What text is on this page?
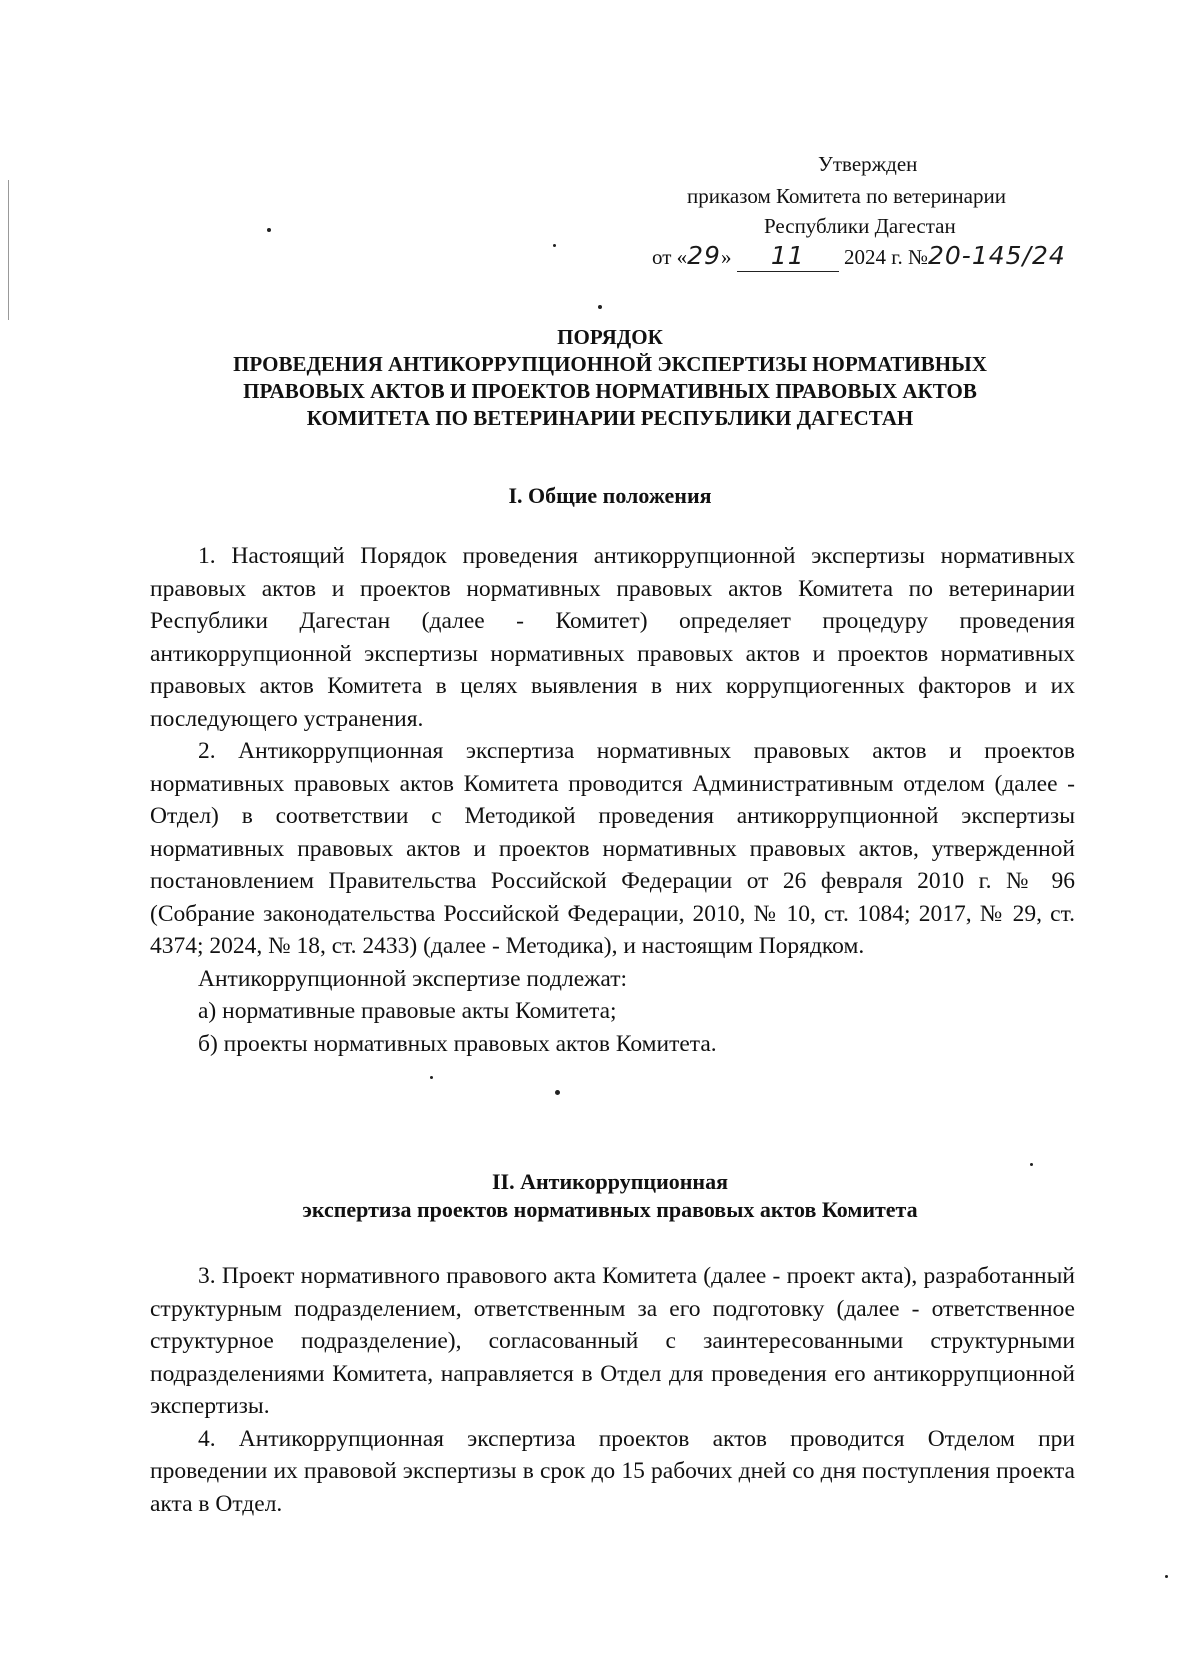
Утвержден
приказом Комитета по ветеринарии
Республики Дагестан
от «29» 11 2024 г. №20-145/24
ПОРЯДОК
ПРОВЕДЕНИЯ АНТИКОРРУПЦИОННОЙ ЭКСПЕРТИЗЫ НОРМАТИВНЫХ
ПРАВОВЫХ АКТОВ И ПРОЕКТОВ НОРМАТИВНЫХ ПРАВОВЫХ АКТОВ
КОМИТЕТА ПО ВЕТЕРИНАРИИ РЕСПУБЛИКИ ДАГЕСТАН
I. Общие положения

1. Настоящий Порядок проведения антикоррупционной экспертизы нормативных правовых актов и проектов нормативных правовых актов Комитета по ветеринарии Республики Дагестан (далее - Комитет) определяет процедуру проведения антикоррупционной экспертизы нормативных правовых актов и проектов нормативных правовых актов Комитета в целях выявления в них коррупциогенных факторов и их последующего устранения.

2. Антикоррупционная экспертиза нормативных правовых актов и проектов нормативных правовых актов Комитета проводится Административным отделом (далее - Отдел) в соответствии с Методикой проведения антикоррупционной экспертизы нормативных правовых актов и проектов нормативных правовых актов, утвержденной постановлением Правительства Российской Федерации от 26 февраля 2010 г. № 96 (Собрание законодательства Российской Федерации, 2010, № 10, ст. 1084; 2017, № 29, ст. 4374; 2024, № 18, ст. 2433) (далее - Методика), и настоящим Порядком.

Антикоррупционной экспертизе подлежат:

а) нормативные правовые акты Комитета;

б) проекты нормативных правовых актов Комитета.

II. Антикоррупционная
экспертиза проектов нормативных правовых актов Комитета

3. Проект нормативного правового акта Комитета (далее - проект акта), разработанный структурным подразделением, ответственным за его подготовку (далее - ответственное структурное подразделение), согласованный с заинтересованными структурными подразделениями Комитета, направляется в Отдел для проведения его антикоррупционной экспертизы.

4. Антикоррупционная экспертиза проектов актов проводится Отделом при проведении их правовой экспертизы в срок до 15 рабочих дней со дня поступления проекта акта в Отдел.
